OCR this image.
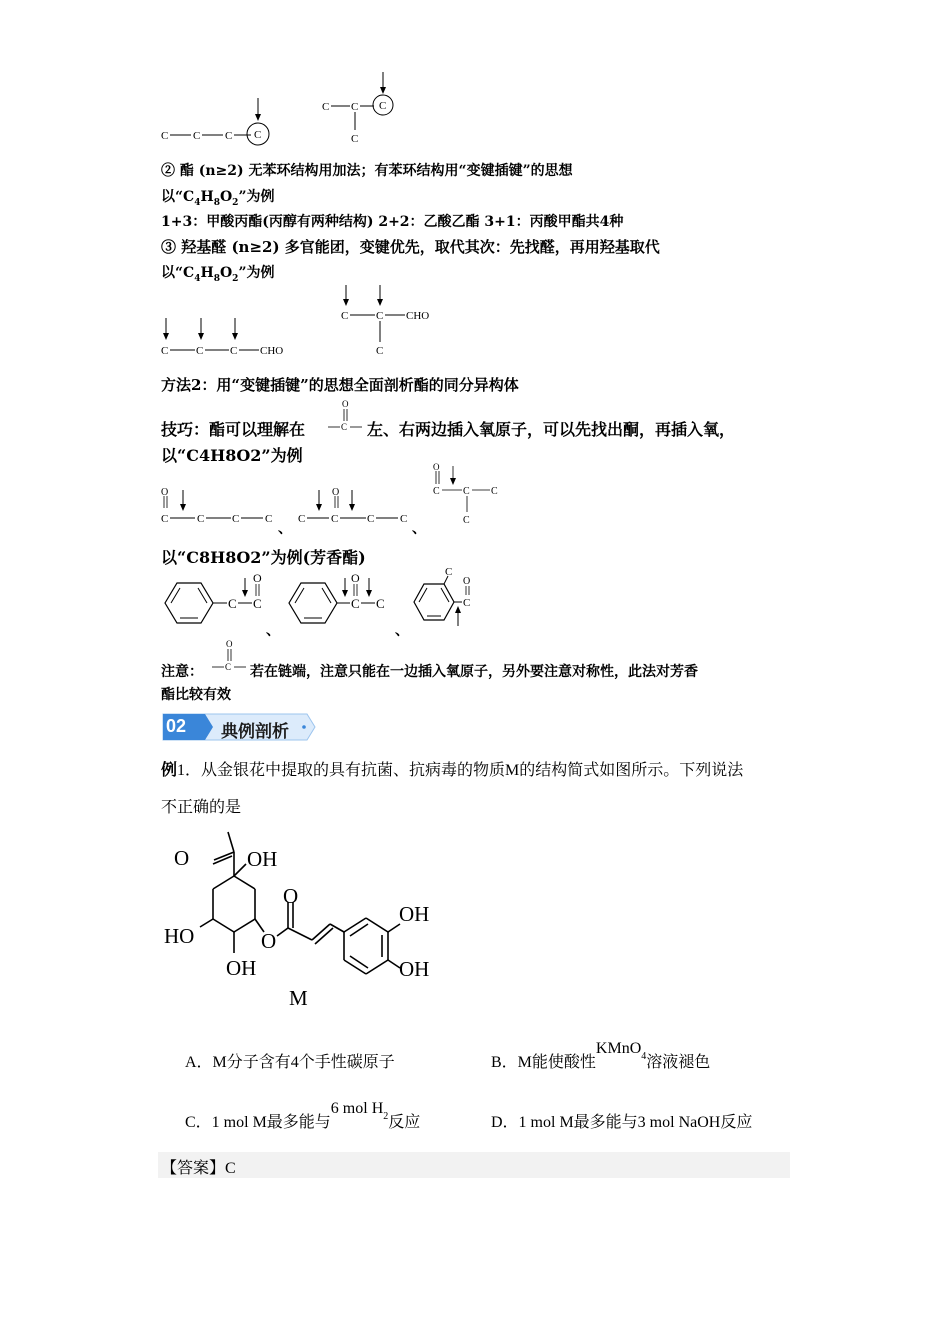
C C C C
C C C
C
② 酯 (n≥2) 无苯环结构用加法；有苯环结构用“变键插键”的思想
以“$C_4H_8O_2$”为例
1+3：甲酸丙酯(丙醇有两种结构) 2+2：乙酸乙酯 3+1：丙酸甲酯共4种
③ 羟基醛 (n≥2) 多官能团，变键优先，取代其次：先找醛，再用羟基取代
以“$C_4H_8O_2$”为例
C	C C CHO
C	C CHO
C
方法2：用“变键插键”的思想全面剖析酯的同分异构体
技巧：酯可以理解在
O
C 左、右两边插入氧原子，可以先找出酮，再插入氧，
以“C4H8O2”为例
O
C	C	C C
、
C C
O
C C
、
O
C C C
C
以“C8H8O2”为例(芳香酯)
C C
O
、
C
O
C
、
C
C
O
注意：
O
C 若在链端，注意只能在一边插入氧原子，另外要注意对称性，此法对芳香
酯比较有效
02 典例剖析
例1．从金银花中提取的具有抗菌、抗病毒的物质M的结构简式如图所示。下列说法
不正确的是
O	OH
HO
OH
O
O
OH
OH
M
A．M分子含有4个手性碳原子	B．M能使酸性KMnO$_4$溶液褪色
C．1 mol M最多能与6 mol $H_2$反应	D．1 mol M最多能与3 mol NaOH反应
【答案】C
